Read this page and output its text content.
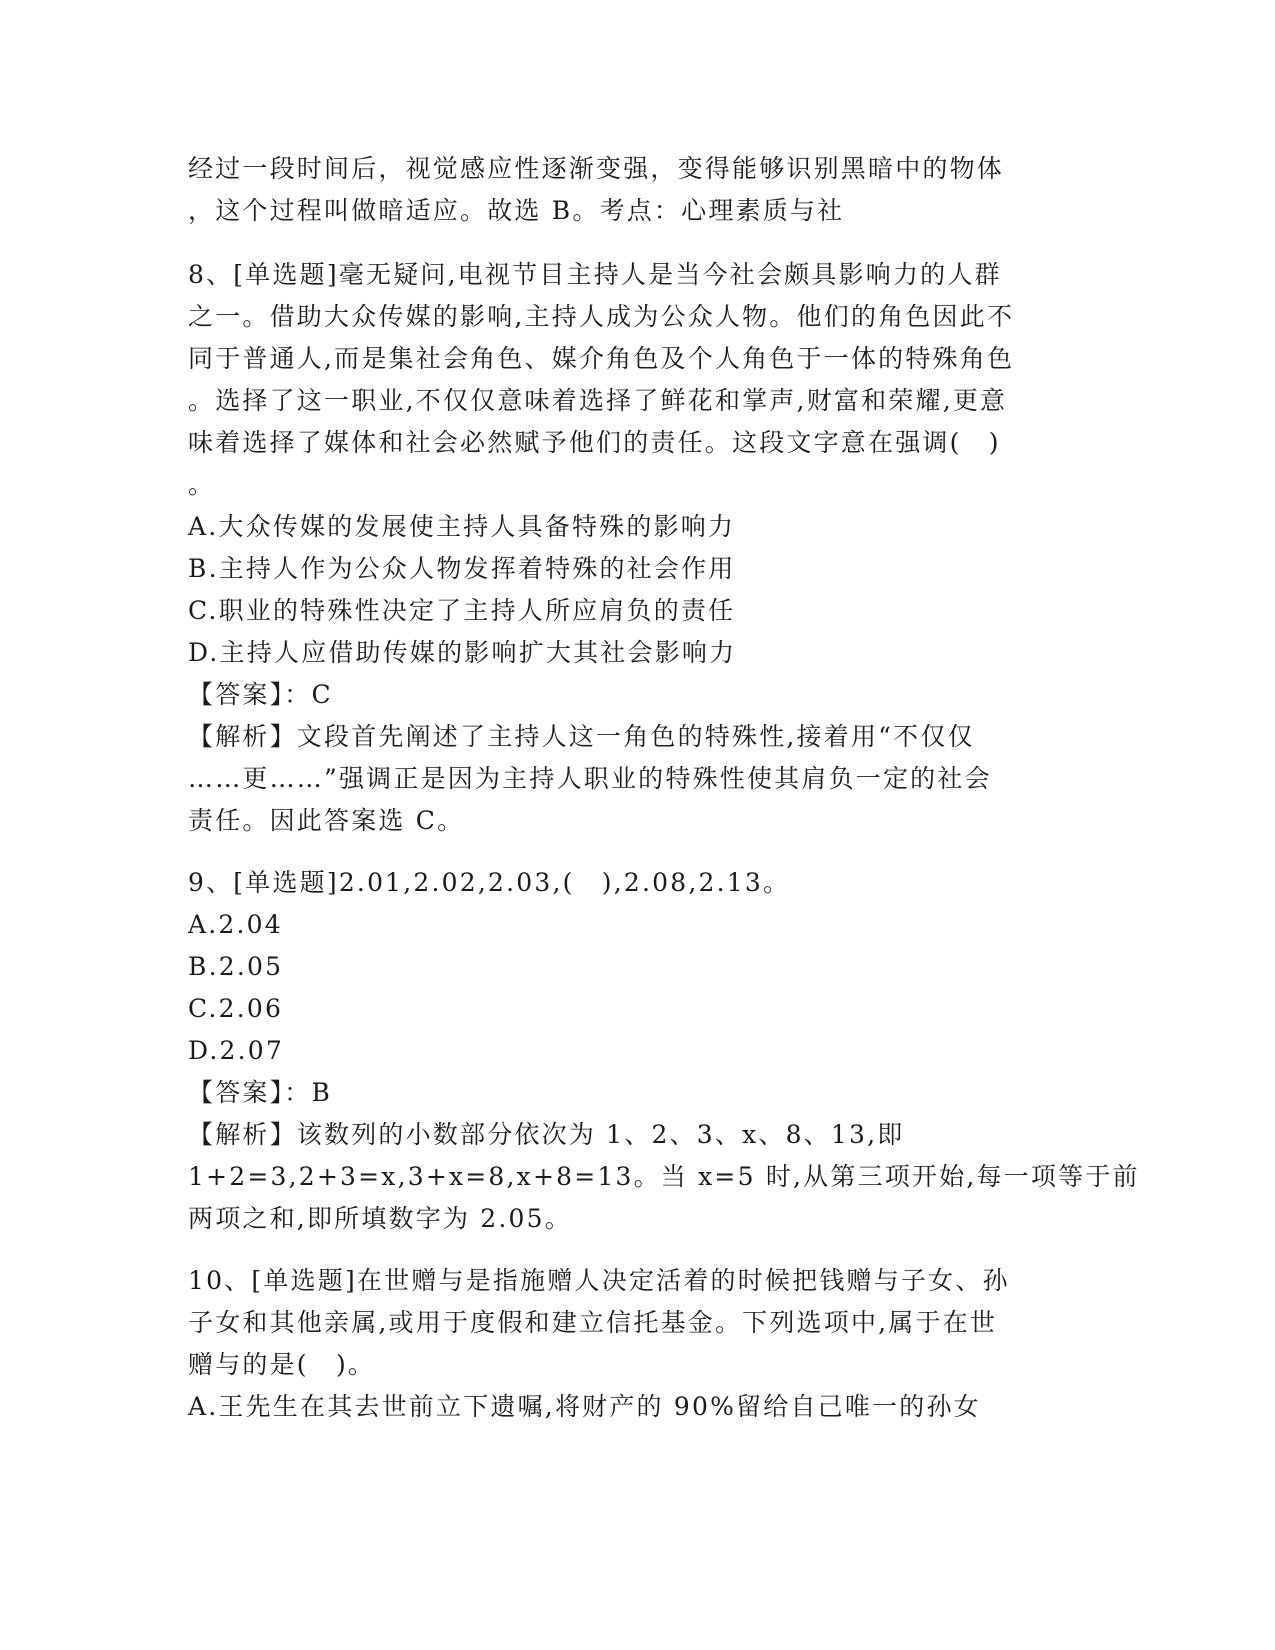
经过一段时间后，视觉感应性逐渐变强，变得能够识别黑暗中的物体
，这个过程叫做暗适应。故选 B。考点：心理素质与社
8、[单选题]毫无疑问,电视节目主持人是当今社会颇具影响力的人群
之一。借助大众传媒的影响,主持人成为公众人物。他们的角色因此不
同于普通人,而是集社会角色、媒介角色及个人角色于一体的特殊角色
。选择了这一职业,不仅仅意味着选择了鲜花和掌声,财富和荣耀,更意
味着选择了媒体和社会必然赋予他们的责任。这段文字意在强调(　)
。
A.大众传媒的发展使主持人具备特殊的影响力
B.主持人作为公众人物发挥着特殊的社会作用
C.职业的特殊性决定了主持人所应肩负的责任
D.主持人应借助传媒的影响扩大其社会影响力
【答案】：C
【解析】文段首先阐述了主持人这一角色的特殊性,接着用“不仅仅
……更……”强调正是因为主持人职业的特殊性使其肩负一定的社会
责任。因此答案选 C。
9、[单选题]2.01,2.02,2.03,(　),2.08,2.13。
A.2.04
B.2.05
C.2.06
D.2.07
【答案】：B
【解析】该数列的小数部分依次为 1、2、3、x、8、13,即
1+2=3,2+3=x,3+x=8,x+8=13。当 x=5 时,从第三项开始,每一项等于前
两项之和,即所填数字为 2.05。
10、[单选题]在世赠与是指施赠人决定活着的时候把钱赠与子女、孙
子女和其他亲属,或用于度假和建立信托基金。下列选项中,属于在世
赠与的是(　)。
A.王先生在其去世前立下遗嘱,将财产的 90%留给自己唯一的孙女
